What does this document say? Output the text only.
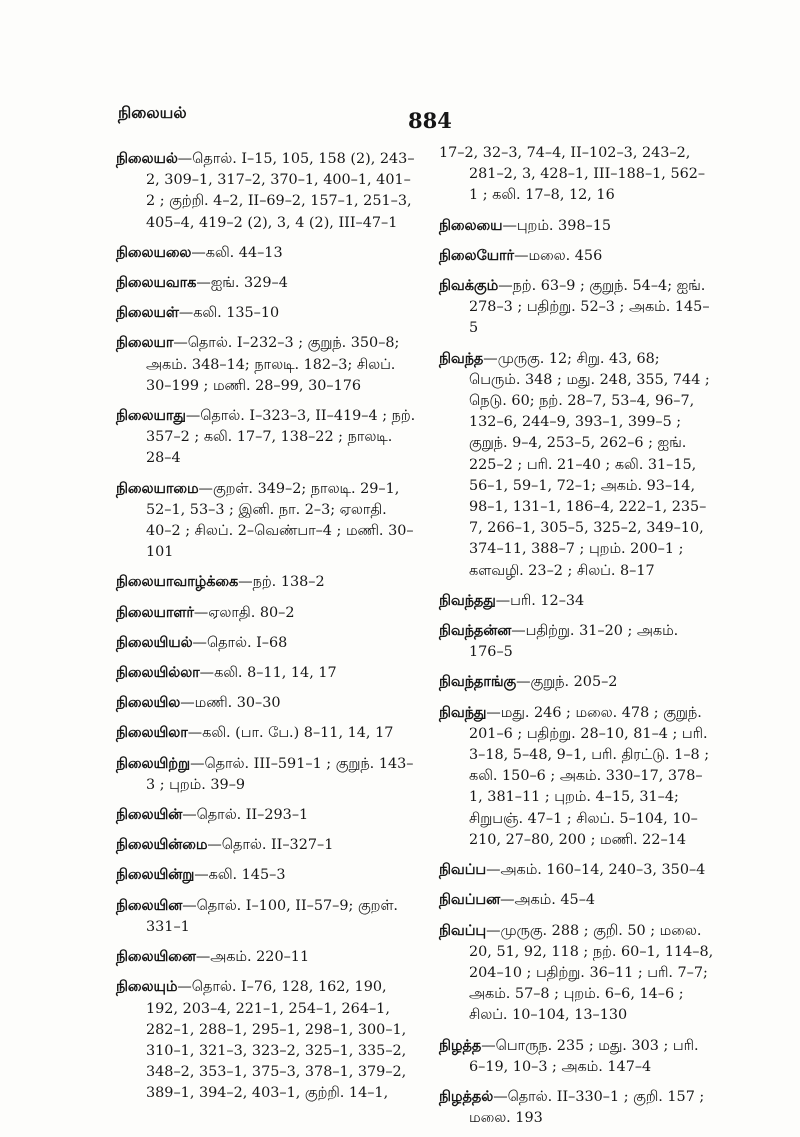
நிலையல்	884
நிலையல்—தொல். I–15, 105, 158 (2), 243–2, 309–1, 317–2, 370–1, 400–1, 401–2 ; குற்றி. 4–2, II–69–2, 157–1, 251–3, 405–4, 419–2 (2), 3, 4 (2), III–47–1
நிலையலை—கலி. 44–13
நிலையவாக—ஐங். 329–4
நிலையள்—கலி. 135–10
நிலையா—தொல். I–232–3 ; குறுந். 350–8; அகம். 348–14; நாலடி. 182–3; சிலப். 30–199 ; மணி. 28–99, 30–176
நிலையாது—தொல். I–323–3, II–419–4 ; நற். 357–2 ; கலி. 17–7, 138–22 ; நாலடி. 28–4
நிலையாமை—குறள். 349–2; நாலடி. 29–1, 52–1, 53–3 ; இனி. நா. 2–3; ஏலாதி. 40–2 ; சிலப். 2–வெண்பா–4 ; மணி. 30–101
நிலையாவாழ்க்கை—நற். 138–2
நிலையாளர்—ஏலாதி. 80–2
நிலையியல்—தொல். I–68
நிலையில்லா—கலி. 8–11, 14, 17
நிலையில—மணி. 30–30
நிலையிலா—கலி. (பா. பே.) 8–11, 14, 17
நிலையிற்று—தொல். III–591–1 ; குறுந். 143–3 ; புறம். 39–9
நிலையின்—தொல். II–293–1
நிலையின்மை—தொல். II–327–1
நிலையின்று—கலி. 145–3
நிலையின—தொல். I–100, II–57–9; குறள். 331–1
நிலையினை—அகம். 220–11
நிலையும்—தொல். I–76, 128, 162, 190, 192, 203–4, 221–1, 254–1, 264–1, 282–1, 288–1, 295–1, 298–1, 300–1, 310–1, 321–3, 323–2, 325–1, 335–2, 348–2, 353–1, 375–3, 378–1, 379–2, 389–1, 394–2, 403–1, குற்றி. 14–1,
17–2, 32–3, 74–4, II–102–3, 243–2, 281–2, 3, 428–1, III–188–1, 562–1 ; கலி. 17–8, 12, 16
நிலையை—புறம். 398–15
நிலையோர்—மலை. 456
நிவக்கும்—நற். 63–9 ; குறுந். 54–4; ஐங். 278–3 ; பதிற்று. 52–3 ; அகம். 145–5
நிவந்த—முருகு. 12; சிறு. 43, 68; பெரும். 348 ; மது. 248, 355, 744 ; நெடு. 60; நற். 28–7, 53–4, 96–7, 132–6, 244–9, 393–1, 399–5 ; குறுந். 9–4, 253–5, 262–6 ; ஐங். 225–2 ; பரி. 21–40 ; கலி. 31–15, 56–1, 59–1, 72–1; அகம். 93–14, 98–1, 131–1, 186–4, 222–1, 235–7, 266–1, 305–5, 325–2, 349–10, 374–11, 388–7 ; புறம். 200–1 ; களவழி. 23–2 ; சிலப். 8–17
நிவந்தது—பரி. 12–34
நிவந்தன்ன—பதிற்று. 31–20 ; அகம். 176–5
நிவந்தாங்கு—குறுந். 205–2
நிவந்து—மது. 246 ; மலை. 478 ; குறுந். 201–6 ; பதிற்று. 28–10, 81–4 ; பரி. 3–18, 5–48, 9–1, பரி. திரட்டு. 1–8 ; கலி. 150–6 ; அகம். 330–17, 378–1, 381–11 ; புறம். 4–15, 31–4; சிறுபஞ். 47–1 ; சிலப். 5–104, 10–210, 27–80, 200 ; மணி. 22–14
நிவப்ப—அகம். 160–14, 240–3, 350–4
நிவப்பன—அகம். 45–4
நிவப்பு—முருகு. 288 ; குறி. 50 ; மலை. 20, 51, 92, 118 ; நற். 60–1, 114–8, 204–10 ; பதிற்று. 36–11 ; பரி. 7–7; அகம். 57–8 ; புறம். 6–6, 14–6 ; சிலப். 10–104, 13–130
நிழத்த—பொருந. 235 ; மது. 303 ; பரி. 6–19, 10–3 ; அகம். 147–4
நிழத்தல்—தொல். II–330–1 ; குறி. 157 ; மலை. 193
